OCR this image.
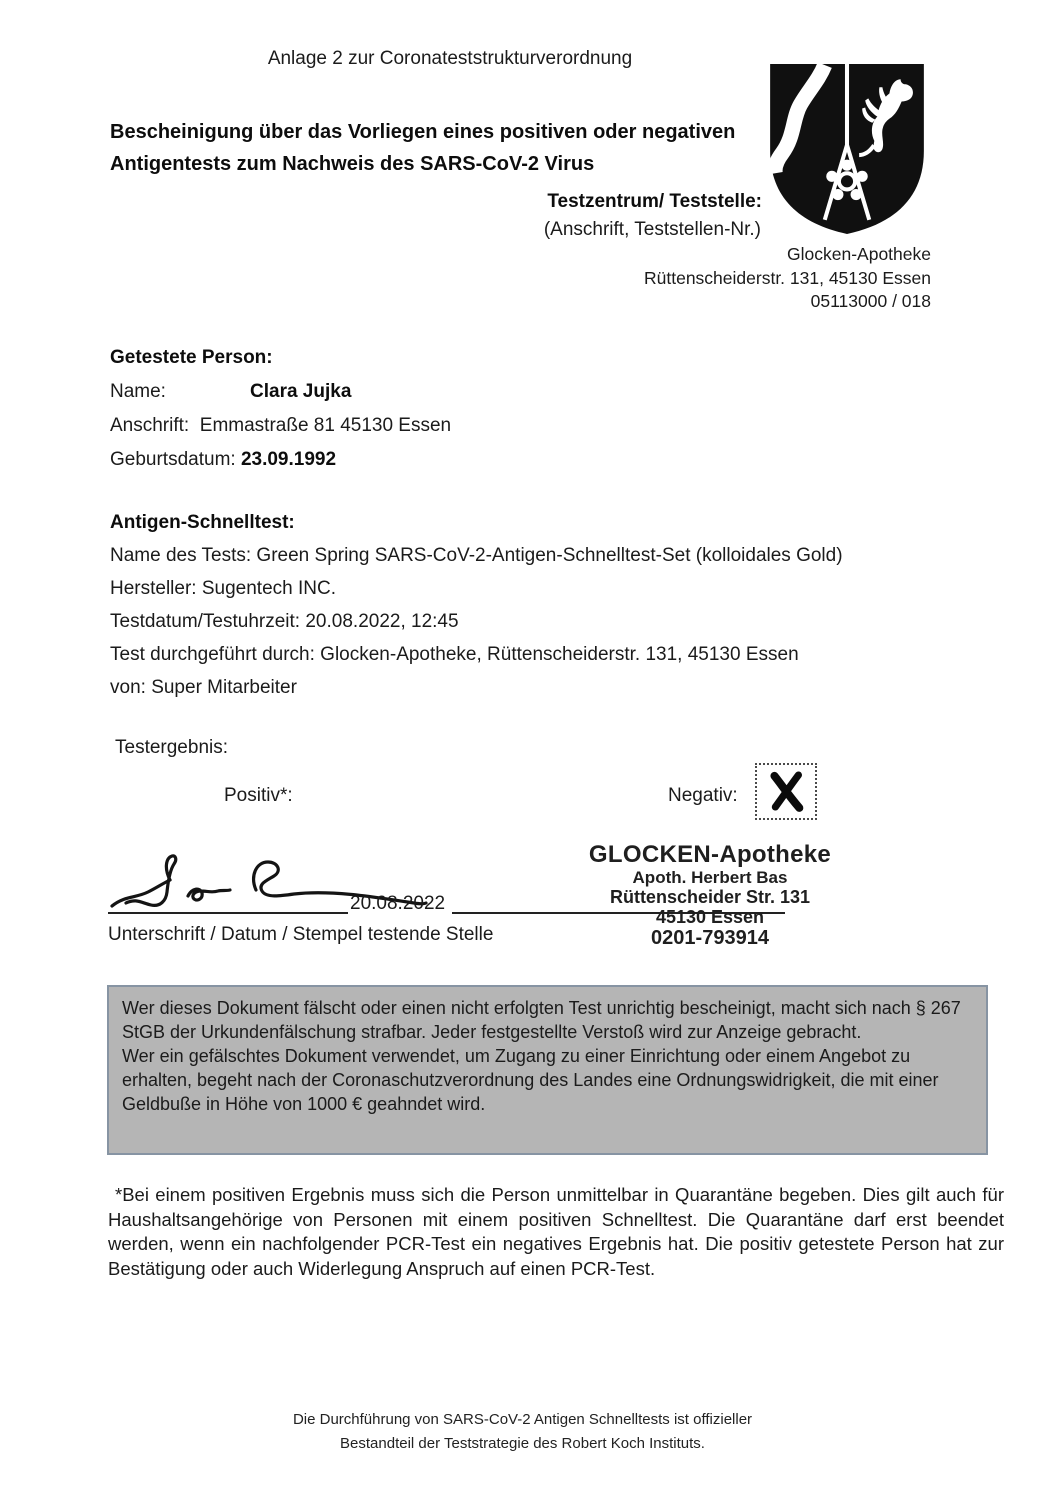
Anlage 2 zur Coronateststrukturverordnung
Bescheinigung über das Vorliegen eines positiven oder negativen
Antigentests zum Nachweis des SARS-CoV-2 Virus
Testzentrum/ Teststelle:
(Anschrift, Teststellen-Nr.)
Glocken-Apotheke
Rüttenscheiderstr. 131, 45130 Essen
05113000 / 018
Getestete Person:
Name:	Clara Jujka
Anschrift: Emmastraße 81 45130 Essen
Geburtsdatum: 23.09.1992
Antigen-Schnelltest:
Name des Tests: Green Spring SARS-CoV-2-Antigen-Schnelltest-Set (kolloidales Gold)
Hersteller: Sugentech INC.
Testdatum/Testuhrzeit: 20.08.2022, 12:45
Test durchgeführt durch: Glocken-Apotheke, Rüttenscheiderstr. 131, 45130 Essen
von: Super Mitarbeiter
Testergebnis:
Positiv*:	Negativ:
20.08.2022
Unterschrift / Datum / Stempel testende Stelle
GLOCKEN-Apotheke
Apoth. Herbert Bas
Rüttenscheider Str. 131
45130 Essen
0201-793914

Wer dieses Dokument fälscht oder einen nicht erfolgten Test unrichtig bescheinigt, macht sich nach § 267 StGB der Urkundenfälschung strafbar. Jeder festgestellte Verstoß wird zur Anzeige gebracht.

Wer ein gefälschtes Dokument verwendet, um Zugang zu einer Einrichtung oder einem Angebot zu erhalten, begeht nach der Coronaschutzverordnung des Landes eine Ordnungswidrigkeit, die mit einer Geldbuße in Höhe von 1000 € geahndet wird.

*Bei einem positiven Ergebnis muss sich die Person unmittelbar in Quarantäne begeben. Dies gilt auch für Haushaltsangehörige von Personen mit einem positiven Schnelltest. Die Quarantäne darf erst beendet werden, wenn ein nachfolgender PCR-Test ein negatives Ergebnis hat. Die positiv getestete Person hat zur Bestätigung oder auch Widerlegung Anspruch auf einen PCR-Test.
Die Durchführung von SARS-CoV-2 Antigen Schnelltests ist offizieller
Bestandteil der Teststrategie des Robert Koch Instituts.
